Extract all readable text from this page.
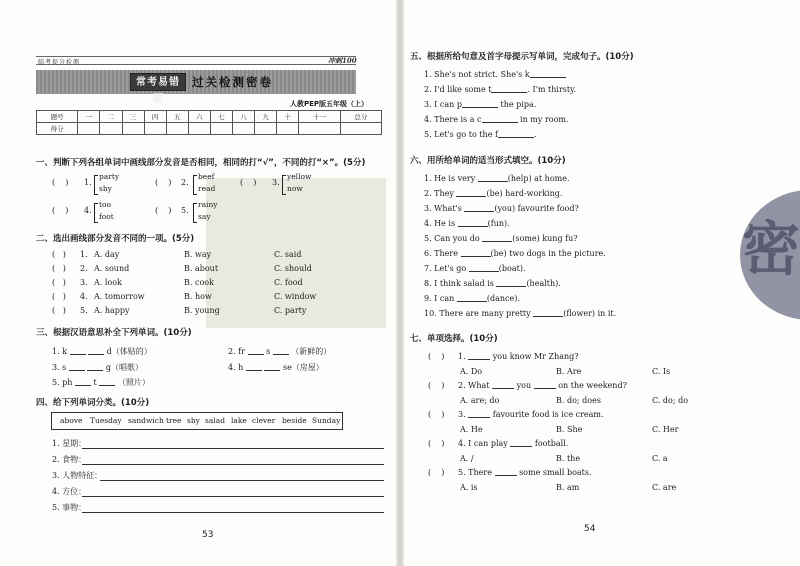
临考提分检测	冲刺100
常考易错题
过关检测密卷
人教PEP版五年级（上）
题号	一	二	三	四	五	六	七	八	九	十	十一	总分
得分												
一、判断下列各组单词中画线部分发音是否相同，相同的打“√”，不同的打“×”。(5分)
(    ) 1.
party
shy
(    ) 2.
beef
read
(    ) 3.
yellow
now
(    ) 4.
too
foot
(    ) 5.
rainy
say
二、选出画线部分发音不同的一项。(5分)
(   ) 1. A. day	B. way	C. said
(   ) 2. A. sound	B. about	C. should
(   ) 3. A. look	B. cook	C. food
(   ) 4. A. tomorrow	B. how	C. window
(   ) 5. A. happy	B. young	C. party
三、根据汉语意思补全下列单词。(10分)
1. k	d（体贴的）	2. fr	s	（新鲜的）
3. s	g（唱歌）	4. h	se（房屋）
5. ph	t	（照片）
四、给下列单词分类。(10分)
above Tuesday sandwich tree shy salad lake clever beside Sunday
1. 星期：
2. 食物：
3. 人物特征：
4. 方位：
5. 事物：
53
五、根据所给句意及首字母提示写单词，完成句子。(10分)
1. She's not strict. She's k
2. I'd like some t	. I'm thirsty.
3. I can p	the pipa.
4. There is a c	in my room.
5. Let's go to the f	.
六、用所给单词的适当形式填空。(10分)
1. He is very	(help) at home.
2. They	(be) hard-working.
3. What's	(you) favourite food?
4. He is	(fun).
5. Can you do	(some) kung fu?
6. There	(be) two dogs in the picture.
7. Let's go	(boat).
8. I think salad is	(health).
9. I can	(dance).
10. There are many pretty	(flower) in it.
七、单项选择。(10分)
(    ) 1.	you know Mr Zhang?
A. Do	B. Are	C. Is
(    ) 2. What	you	on the weekend?
A. are; do	B. do; does	C. do; do
(    ) 3.	favourite food is ice cream.
A. He	B. She	C. Her
(    ) 4. I can play	football.
A. /	B. the	C. a
(    ) 5. There	some small boats.
A. is	B. am	C. are
54
密
